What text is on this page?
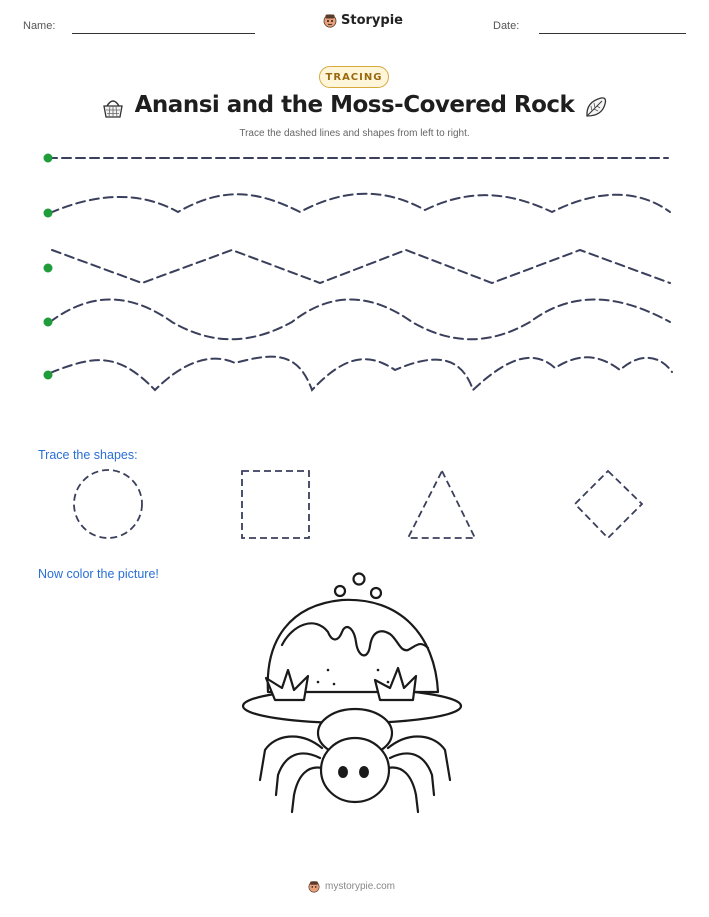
Name:	Storypie	Date:
TRACING
Anansi and the Moss-Covered Rock
Trace the dashed lines and shapes from left to right.
Trace the shapes:
Now color the picture!
mystorypie.com
